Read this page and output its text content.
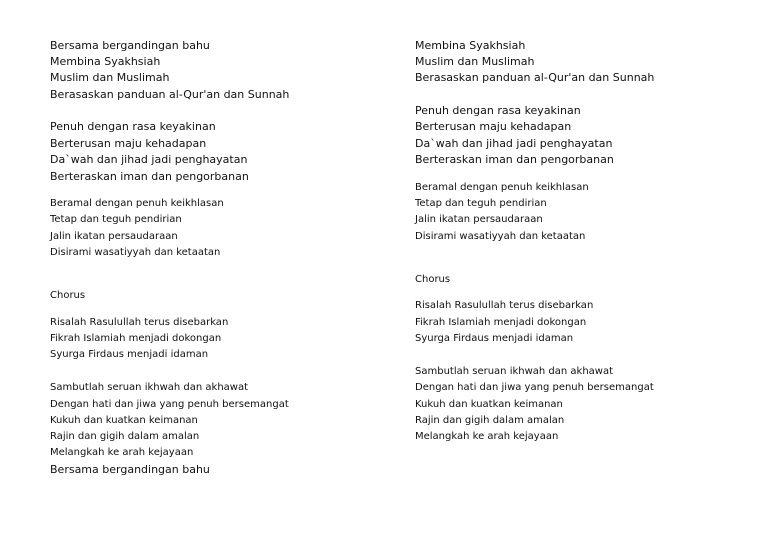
Bersama bergandingan bahu
Membina Syakhsiah
Muslim dan Muslimah
Berasaskan panduan al-Qur'an dan Sunnah
Penuh dengan rasa keyakinan
Berterusan maju kehadapan
Da`wah dan jihad jadi penghayatan
Berteraskan iman dan pengorbanan
Beramal dengan penuh keikhlasan
Tetap dan teguh pendirian
Jalin ikatan persaudaraan
Disirami wasatiyyah dan ketaatan
Chorus
Risalah Rasulullah terus disebarkan
Fikrah Islamiah menjadi dokongan
Syurga Firdaus menjadi idaman
Sambutlah seruan ikhwah dan akhawat
Dengan hati dan jiwa yang penuh bersemangat
Kukuh dan kuatkan keimanan
Rajin dan gigih dalam amalan
Melangkah ke arah kejayaan
Bersama bergandingan bahu
Membina Syakhsiah
Muslim dan Muslimah
Berasaskan panduan al-Qur'an dan Sunnah
Penuh dengan rasa keyakinan
Berterusan maju kehadapan
Da`wah dan jihad jadi penghayatan
Berteraskan iman dan pengorbanan
Beramal dengan penuh keikhlasan
Tetap dan teguh pendirian
Jalin ikatan persaudaraan
Disirami wasatiyyah dan ketaatan
Chorus
Risalah Rasulullah terus disebarkan
Fikrah Islamiah menjadi dokongan
Syurga Firdaus menjadi idaman
Sambutlah seruan ikhwah dan akhawat
Dengan hati dan jiwa yang penuh bersemangat
Kukuh dan kuatkan keimanan
Rajin dan gigih dalam amalan
Melangkah ke arah kejayaan
